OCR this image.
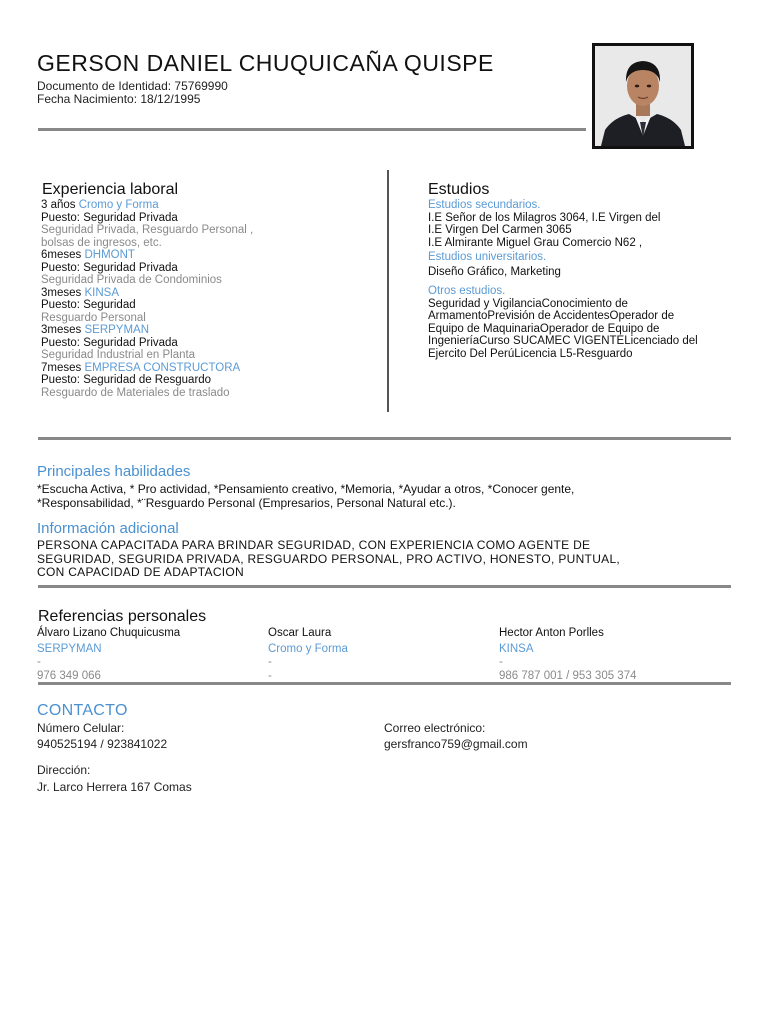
GERSON DANIEL CHUQUICAÑA QUISPE
Documento de Identidad: 75769990
Fecha Nacimiento: 18/12/1995
Experiencia laboral
3 años Cromo y Forma
Puesto: Seguridad Privada
Seguridad Privada, Resguardo Personal ,
bolsas de ingresos, etc.
6meses DHMONT
Puesto: Seguridad Privada
Seguridad Privada de Condominios
3meses KINSA
Puesto: Seguridad
Resguardo Personal
3meses SERPYMAN
Puesto: Seguridad Privada
Seguridad Industrial en Planta
7meses EMPRESA CONSTRUCTORA
Puesto: Seguridad de Resguardo
Resguardo de Materiales de traslado
Estudios
Estudios secundarios.
I.E Señor de los Milagros 3064, I.E Virgen del
I.E Virgen Del Carmen 3065
I.E Almirante Miguel Grau Comercio N62 ,
Estudios universitarios.
Diseño Gráfico, Marketing
Otros estudios.
Seguridad y VigilanciaConocimiento de
ArmamentoPrevisión de AccidentesOperador de
Equipo de MaquinariaOperador de Equipo de
IngenieríaCurso SUCAMEC VIGENTELicenciado del
Ejercito Del PerúLicencia L5-Resguardo
Principales habilidades
*Escucha Activa, * Pro actividad, *Pensamiento creativo, *Memoria, *Ayudar a otros, *Conocer gente,
*Responsabilidad, *¨Resguardo Personal (Empresarios, Personal Natural etc.).
Información adicional
PERSONA CAPACITADA PARA BRINDAR SEGURIDAD, CON EXPERIENCIA COMO AGENTE DE
SEGURIDAD, SEGURIDA PRIVADA, RESGUARDO PERSONAL, PRO ACTIVO, HONESTO, PUNTUAL,
CON CAPACIDAD DE ADAPTACION
Referencias personales
Álvaro Lizano Chuquicusma
SERPYMAN
-
976 349 066
Oscar Laura
Cromo y Forma
-
-
Hector Anton Porlles
KINSA
-
986 787 001 / 953 305 374
CONTACTO
Número Celular:
940525194 / 923841022
Correo electrónico:
gersfranco759@gmail.com
Dirección:
Jr. Larco Herrera 167 Comas
